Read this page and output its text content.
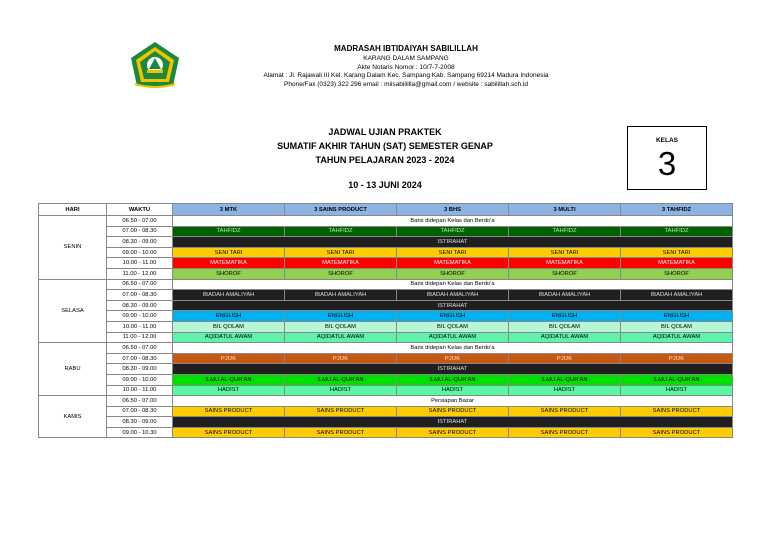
MADRASAH IBTIDAIYAH SABILILLAH
KARANG DALAM SAMPANG
Akte Notaris Nomor : 10/7-7-2008
Alamat : Jl. Rajawali III Kel. Karang Dalam Kec. Sampang Kab. Sampang 69214 Madura Indonesia
Phone/Fax (0323) 322 296 email : miisabilillla@gmail.com / website : sabilillah.sch.id
JADWAL UJIAN PRAKTEK
SUMATIF AKHIR TAHUN (SAT) SEMESTER GENAP
TAHUN PELAJARAN 2023 - 2024
10 - 13 JUNI 2024
KELAS
3
HARI	WAKTU	3 MTK	3 SAINS PRODUCT	3 BHS	3 MULTI	3 TAHFIDZ
SENIN	06.50 - 07.00	Baris didepan Kelas dan Berdo'a				
	07.00 - 08.30	TAHFIDZ	TAHFIDZ	TAHFIDZ	TAHFIDZ	TAHFIDZ
	08.30 - 09.00	ISTIRAHAT				
	09.00 - 10.00	SENI TARI	SENI TARI	SENI TARI	SENI TARI	SENI TARI
	10.00 - 11.00	MATEMATIKA	MATEMATIKA	MATEMATIKA	MATEMATIKA	MATEMATIKA
	11.00 - 12.00	SHOROF	SHOROF	SHOROF	SHOROF	SHOROF
SELASA	06.50 - 07.00	Baris didepan Kelas dan Berdo'a				
	07.00 - 08.30	IBADAH AMALIYAH	IBADAH AMALIYAH	IBADAH AMALIYAH	IBADAH AMALIYAH	IBADAH AMALIYAH
	08.30 - 09.00	ISTIRAHAT				
	09.00 - 10.00	ENGLISH	ENGLISH	ENGLISH	ENGLISH	ENGLISH
	10.00 - 11.00	BIL QOLAM	BIL QOLAM	BIL QOLAM	BIL QOLAM	BIL QOLAM
	11.00 - 12.00	AQIDATUL AWAM	AQIDATUL AWAM	AQIDATUL AWAM	AQIDATUL AWAM	AQIDATUL AWAM
RABU	06.50 - 07.00	Baris didepan Kelas dan Berdo'a				
	07.00 - 08.30	PJOK	PJOK	PJOK	PJOK	PJOK
	08.30 - 09.00	ISTIRAHAT				
	09.00 - 10.00	ILMU AL-QUR'AN	ILMU AL-QUR'AN	ILMU AL-QUR'AN	ILMU AL-QUR'AN	ILMU AL-QUR'AN
	10.00 - 11.00	HADIST	HADIST	HADIST	HADIST	HADIST
KAMIS	06.50 - 07.00	Persiapan Bazar				
	07.00 - 08.30	SAINS PRODUCT	SAINS PRODUCT	SAINS PRODUCT	SAINS PRODUCT	SAINS PRODUCT
	08.30 - 09.00	ISTIRAHAT				
	09.00 - 10.30	SAINS PRODUCT	SAINS PRODUCT	SAINS PRODUCT	SAINS PRODUCT	SAINS PRODUCT
